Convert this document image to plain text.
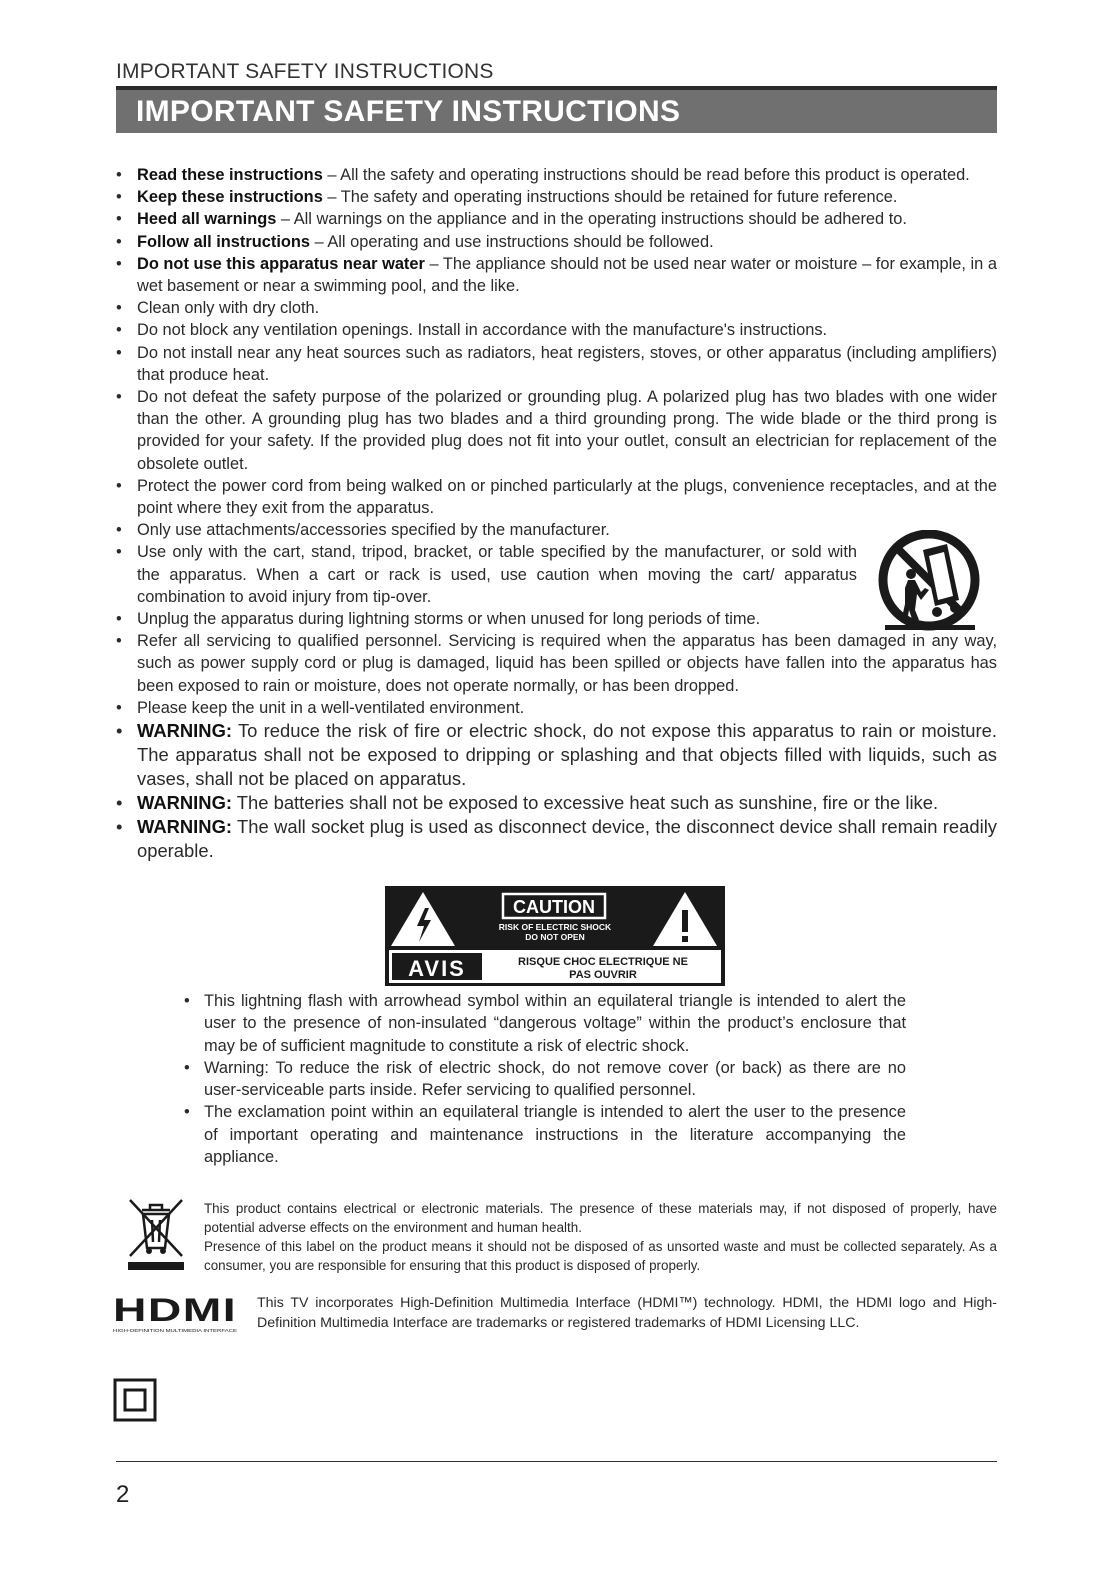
IMPORTANT SAFETY INSTRUCTIONS
IMPORTANT SAFETY INSTRUCTIONS
• Read these instructions – All the safety and operating instructions should be read before this product is operated.
• Keep these instructions – The safety and operating instructions should be retained for future reference.
• Heed all warnings – All warnings on the appliance and in the operating instructions should be adhered to.
• Follow all instructions – All operating and use instructions should be followed.
• Do not use this apparatus near water – The appliance should not be used near water or moisture – for example, in a wet basement or near a swimming pool, and the like.
• Clean only with dry cloth.
• Do not block any ventilation openings. Install in accordance with the manufacture's instructions.
• Do not install near any heat sources such as radiators, heat registers, stoves, or other apparatus (including amplifiers) that produce heat.
• Do not defeat the safety purpose of the polarized or grounding plug. A polarized plug has two blades with one wider than the other. A grounding plug has two blades and a third grounding prong. The wide blade or the third prong is provided for your safety. If the provided plug does not fit into your outlet, consult an electrician for replacement of the obsolete outlet.
• Protect the power cord from being walked on or pinched particularly at the plugs, convenience receptacles, and at the point where they exit from the apparatus.
• Only use attachments/accessories specified by the manufacturer.
• Use only with the cart, stand, tripod, bracket, or table specified by the manufacturer, or sold with the apparatus. When a cart or rack is used, use caution when moving the cart/ apparatus combination to avoid injury from tip-over.
• Unplug the apparatus during lightning storms or when unused for long periods of time.
• Refer all servicing to qualified personnel. Servicing is required when the apparatus has been damaged in any way, such as power supply cord or plug is damaged, liquid has been spilled or objects have fallen into the apparatus has been exposed to rain or moisture, does not operate normally, or has been dropped.
• Please keep the unit in a well-ventilated environment.
• WARNING: To reduce the risk of fire or electric shock, do not expose this apparatus to rain or moisture. The apparatus shall not be exposed to dripping or splashing and that objects filled with liquids, such as vases, shall not be placed on apparatus.
• WARNING: The batteries shall not be exposed to excessive heat such as sunshine, fire or the like.
• WARNING: The wall socket plug is used as disconnect device, the disconnect device shall remain readily operable.
CAUTION
RISK OF ELECTRIC SHOCK
DO NOT OPEN
AVIS	RISQUE CHOC ELECTRIQUE NE
PAS OUVRIR
• This lightning flash with arrowhead symbol within an equilateral triangle is intended to alert the user to the presence of non-insulated “dangerous voltage” within the product’s enclosure that may be of sufficient magnitude to constitute a risk of electric shock.
• Warning: To reduce the risk of electric shock, do not remove cover (or back) as there are no user-serviceable parts inside. Refer servicing to qualified personnel.
• The exclamation point within an equilateral triangle is intended to alert the user to the presence of important operating and maintenance instructions in the literature accompanying the appliance.

This product contains electrical or electronic materials. The presence of these materials may, if not disposed of properly, have potential adverse effects on the environment and human health.

Presence of this label on the product means it should not be disposed of as unsorted waste and must be collected separately. As a consumer, you are responsible for ensuring that this product is disposed of properly.

HDMI
HIGH-DEFINITION MULTIMEDIA INTERFACE
This TV incorporates High-Definition Multimedia Interface (HDMI™) technology. HDMI, the HDMI logo and High-Definition Multimedia Interface are trademarks or registered trademarks of HDMI Licensing LLC.
2
